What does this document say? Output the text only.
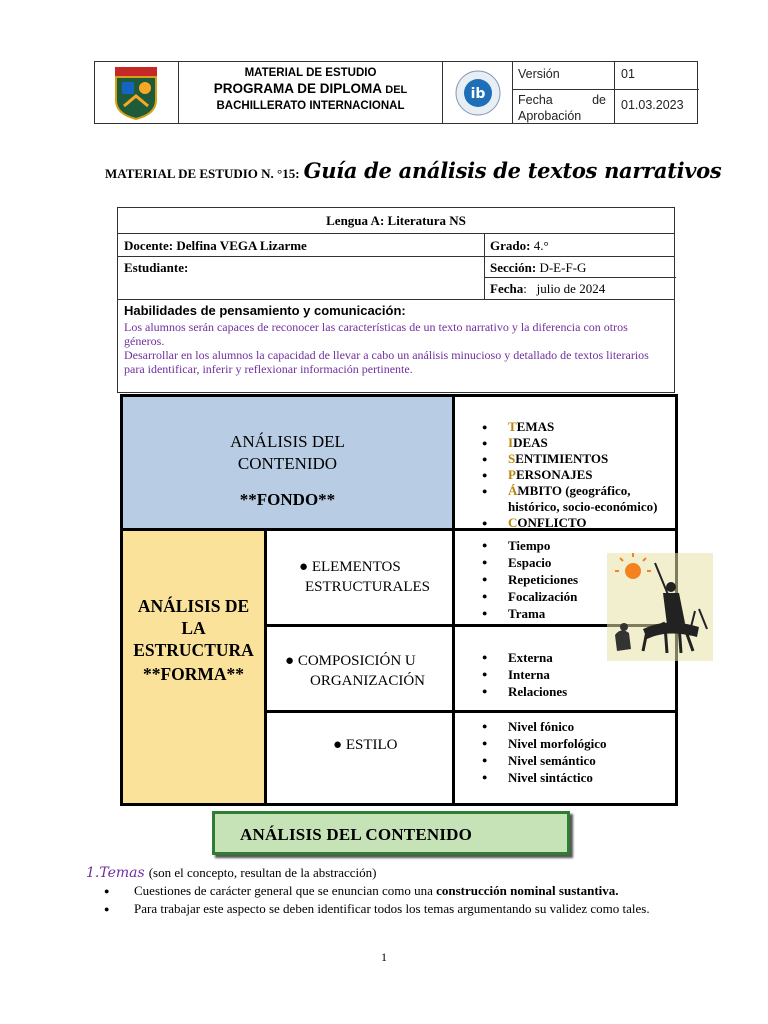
MATERIAL DE ESTUDIO
PROGRAMA DE DIPLOMA DEL
BACHILLERATO INTERNACIONAL
ib
Versión
Fecha de Aprobación
01
01.03.2023
MATERIAL DE ESTUDIO N. °15: Guía de análisis de textos narrativos
Lengua A: Literatura NS
Docente: Delfina VEGA Lizarme	Grado: 4.°
Estudiante:	Sección: D-E-F-G
Fecha:   julio de 2024
Habilidades de pensamiento y comunicación:
Los alumnos serán capaces de reconocer las características de un texto narrativo y la diferencia con otros géneros.
Desarrollar en los alumnos la capacidad de llevar a cabo un análisis minucioso y detallado de textos literarios para identificar, inferir y reflexionar información pertinente.
ANÁLISIS DEL
CONTENIDO
**FONDO**
● TEMAS
● IDEAS
● SENTIMIENTOS
● PERSONAJES
● ÁMBITO (geográfico, histórico, socio-económico)
● CONFLICTO
ANÁLISIS DE
LA
ESTRUCTURA
**FORMA**
● ELEMENTOS
ESTRUCTURALES
● Tiempo
● Espacio
● Repeticiones
● Focalización
● Trama
● COMPOSICIÓN U
ORGANIZACIÓN
● Externa
● Interna
● Relaciones
● ESTILO
● Nivel fónico
● Nivel morfológico
● Nivel semántico
● Nivel sintáctico
ANÁLISIS DEL CONTENIDO
1.Temas (son el concepto, resultan de la abstracción)
● Cuestiones de carácter general que se enuncian como una construcción nominal sustantiva.
● Para trabajar este aspecto se deben identificar todos los temas argumentando su validez como tales.
1
